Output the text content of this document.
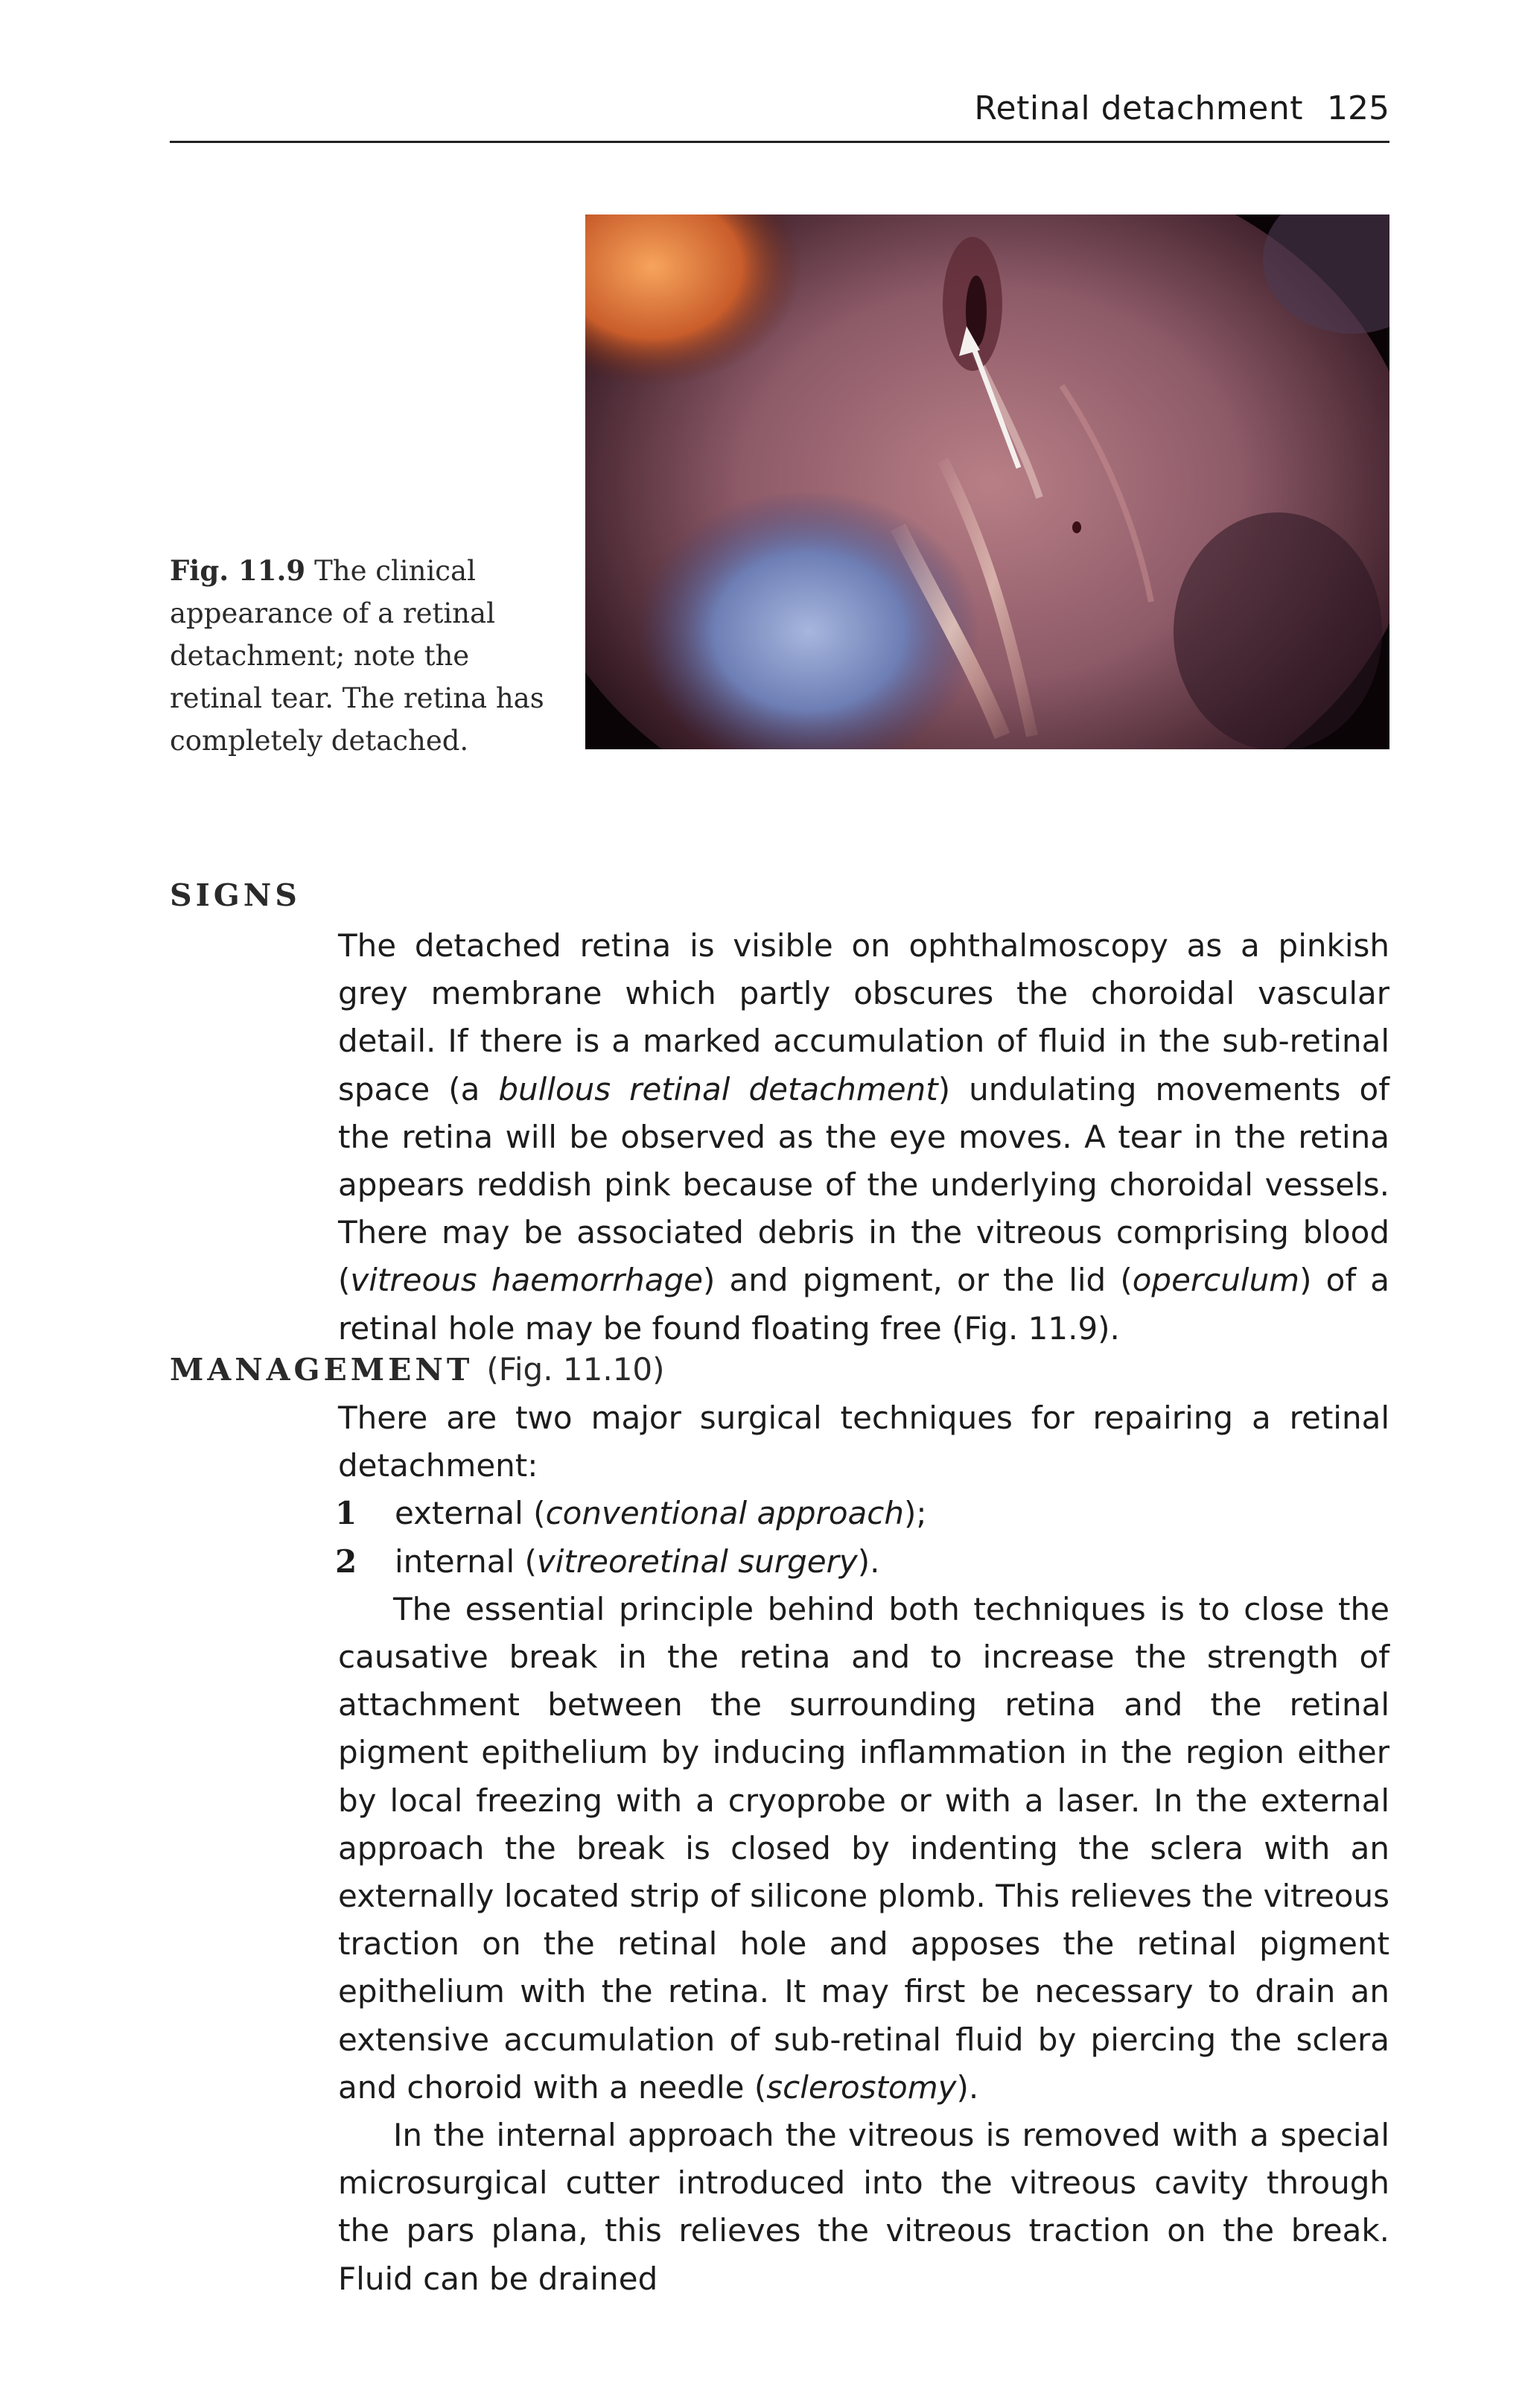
Retinal detachment 125
Fig. 11.9 The clinical appearance of a retinal detachment; note the retinal tear. The retina has completely detached.
SIGNS

The detached retina is visible on ophthalmoscopy as a pinkish grey membrane which partly obscures the choroidal vascular detail. If there is a marked accumulation of fluid in the sub-retinal space (a bullous retinal detachment) undulating movements of the retina will be observed as the eye moves. A tear in the retina appears reddish pink because of the underlying choroidal vessels. There may be associated debris in the vitreous comprising blood (vitreous haemorrhage) and pigment, or the lid (operculum) of a retinal hole may be found floating free (Fig. 11.9).

MANAGEMENT (Fig. 11.10)

There are two major surgical techniques for repairing a retinal detachment:

1	external (conventional approach);
2	internal (vitreoretinal surgery).

The essential principle behind both techniques is to close the causative break in the retina and to increase the strength of attachment between the surrounding retina and the retinal pigment epithelium by inducing inflammation in the region either by local freezing with a cryoprobe or with a laser. In the external approach the break is closed by indenting the sclera with an externally located strip of silicone plomb. This relieves the vitreous traction on the retinal hole and apposes the retinal pigment epithelium with the retina. It may first be necessary to drain an extensive accumulation of sub-retinal fluid by piercing the sclera and choroid with a needle (sclerostomy).

In the internal approach the vitreous is removed with a special microsurgical cutter introduced into the vitreous cavity through the pars plana, this relieves the vitreous traction on the break. Fluid can be drained
